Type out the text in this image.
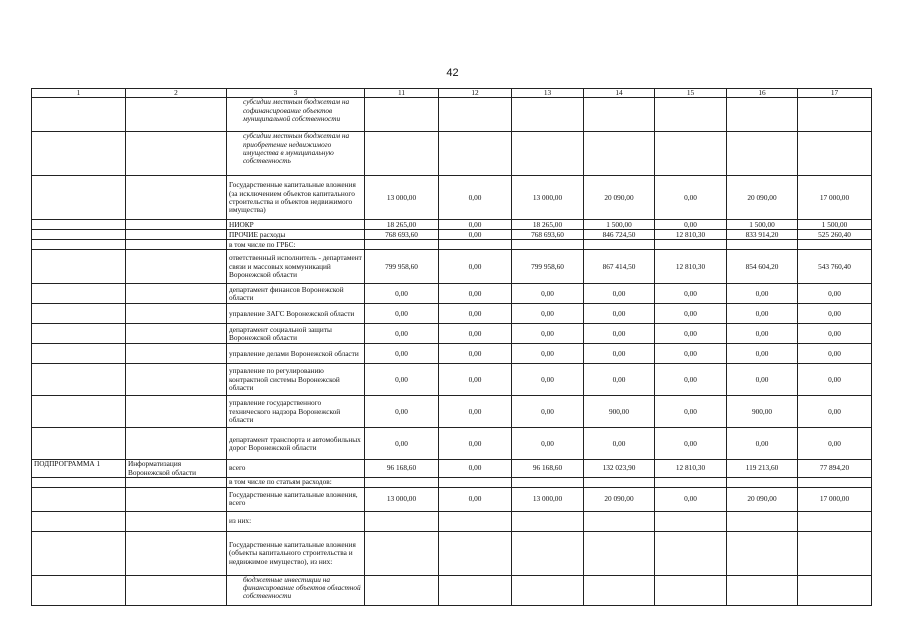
42
1	2	3	11	12	13	14	15	16	17
		субсидии местным бюджетам на софинансирование объектов муниципальной собственности							
		субсидии местным бюджетам на приобретение недвижимого имущества в муниципальную собственность							
		Государственные капитальные вложения (за исключением объектов капитального строительства и объектов недвижимого имущества)	13 000,00	0,00	13 000,00	20 090,00	0,00	20 090,00	17 000,00
		НИОКР	18 265,00	0,00	18 265,00	1 500,00	0,00	1 500,00	1 500,00
		ПРОЧИЕ расходы	768 693,60	0,00	768 693,60	846 724,50	12 810,30	833 914,20	525 260,40
		в том числе по ГРБС:							
		ответственный исполнитель - департамент связи и массовых коммуникаций Воронежской области	799 958,60	0,00	799 958,60	867 414,50	12 810,30	854 604,20	543 760,40
		департамент финансов Воронежской области	0,00	0,00	0,00	0,00	0,00	0,00	0,00
		управление ЗАГС Воронежской области	0,00	0,00	0,00	0,00	0,00	0,00	0,00
		департамент социальной защиты Воронежской области	0,00	0,00	0,00	0,00	0,00	0,00	0,00
		управление делами Воронежской области	0,00	0,00	0,00	0,00	0,00	0,00	0,00
		управление по регулированию контрактной системы Воронежской области	0,00	0,00	0,00	0,00	0,00	0,00	0,00
		управление государственного технического надзора Воронежской области	0,00	0,00	0,00	900,00	0,00	900,00	0,00
		департамент транспорта и автомобильных дорог Воронежской области	0,00	0,00	0,00	0,00	0,00	0,00	0,00
ПОДПРОГРАММА 1	Информатизация Воронежской области	всего	96 168,60	0,00	96 168,60	132 023,90	12 810,30	119 213,60	77 894,20
		в том числе по статьям расходов:							
		Государственные капитальные вложения, всего	13 000,00	0,00	13 000,00	20 090,00	0,00	20 090,00	17 000,00
		из них:							
		Государственные капитальные вложения (объекты капитального строительства и недвижимое имущество), из них:							
		бюджетные инвестиции на финансирование объектов областной собственности							
